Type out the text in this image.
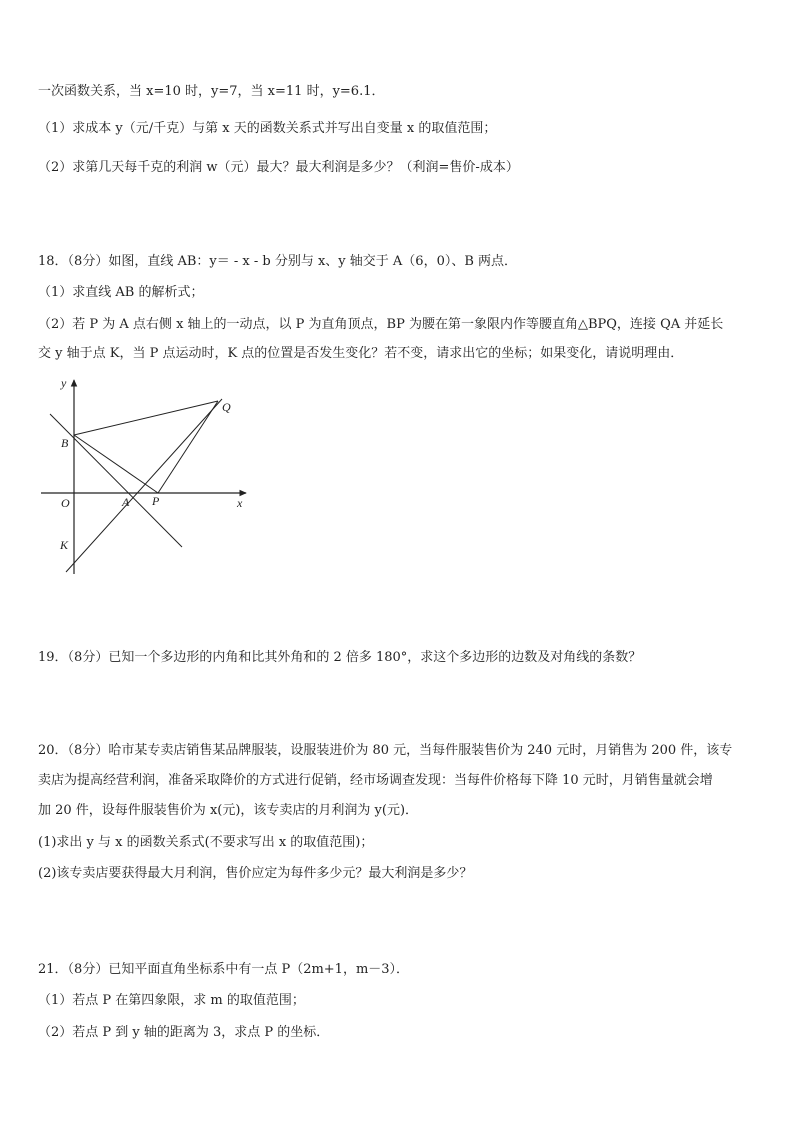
一次函数关系，当 x=10 时，y=7，当 x=11 时，y=6.1．
（1）求成本 y（元/千克）与第 x 天的函数关系式并写出自变量 x 的取值范围；
（2）求第几天每千克的利润 w（元）最大？最大利润是多少？（利润=售价-成本）
18．（8分）如图，直线 AB：y＝ - x - b 分别与 x、y 轴交于 A（6，0）、B 两点．
（1）求直线 AB 的解析式；
（2）若 P 为 A 点右侧 x 轴上的一动点，以 P 为直角顶点，BP 为腰在第一象限内作等腰直角△BPQ，连接 QA 并延长
交 y 轴于点 K，当 P 点运动时，K 点的位置是否发生变化？若不变，请求出它的坐标；如果变化，请说明理由．
y
x
O	A
B
P
Q
K
19．（8分）已知一个多边形的内角和比其外角和的 2 倍多 180°，求这个多边形的边数及对角线的条数？
20．（8分）哈市某专卖店销售某品牌服装，设服装进价为 80 元，当每件服装售价为 240 元时，月销售为 200 件，该专
卖店为提高经营利润，准备采取降价的方式进行促销，经市场调查发现：当每件价格每下降 10 元时，月销售量就会增
加 20 件，设每件服装售价为 x(元)，该专卖店的月利润为 y(元)．
(1)求出 y 与 x 的函数关系式(不要求写出 x 的取值范围)；
(2)该专卖店要获得最大月利润，售价应定为每件多少元？最大利润是多少？
21．（8分）已知平面直角坐标系中有一点 P（2m+1，m－3）．
（1）若点 P 在第四象限，求 m 的取值范围；
（2）若点 P 到 y 轴的距离为 3，求点 P 的坐标．
